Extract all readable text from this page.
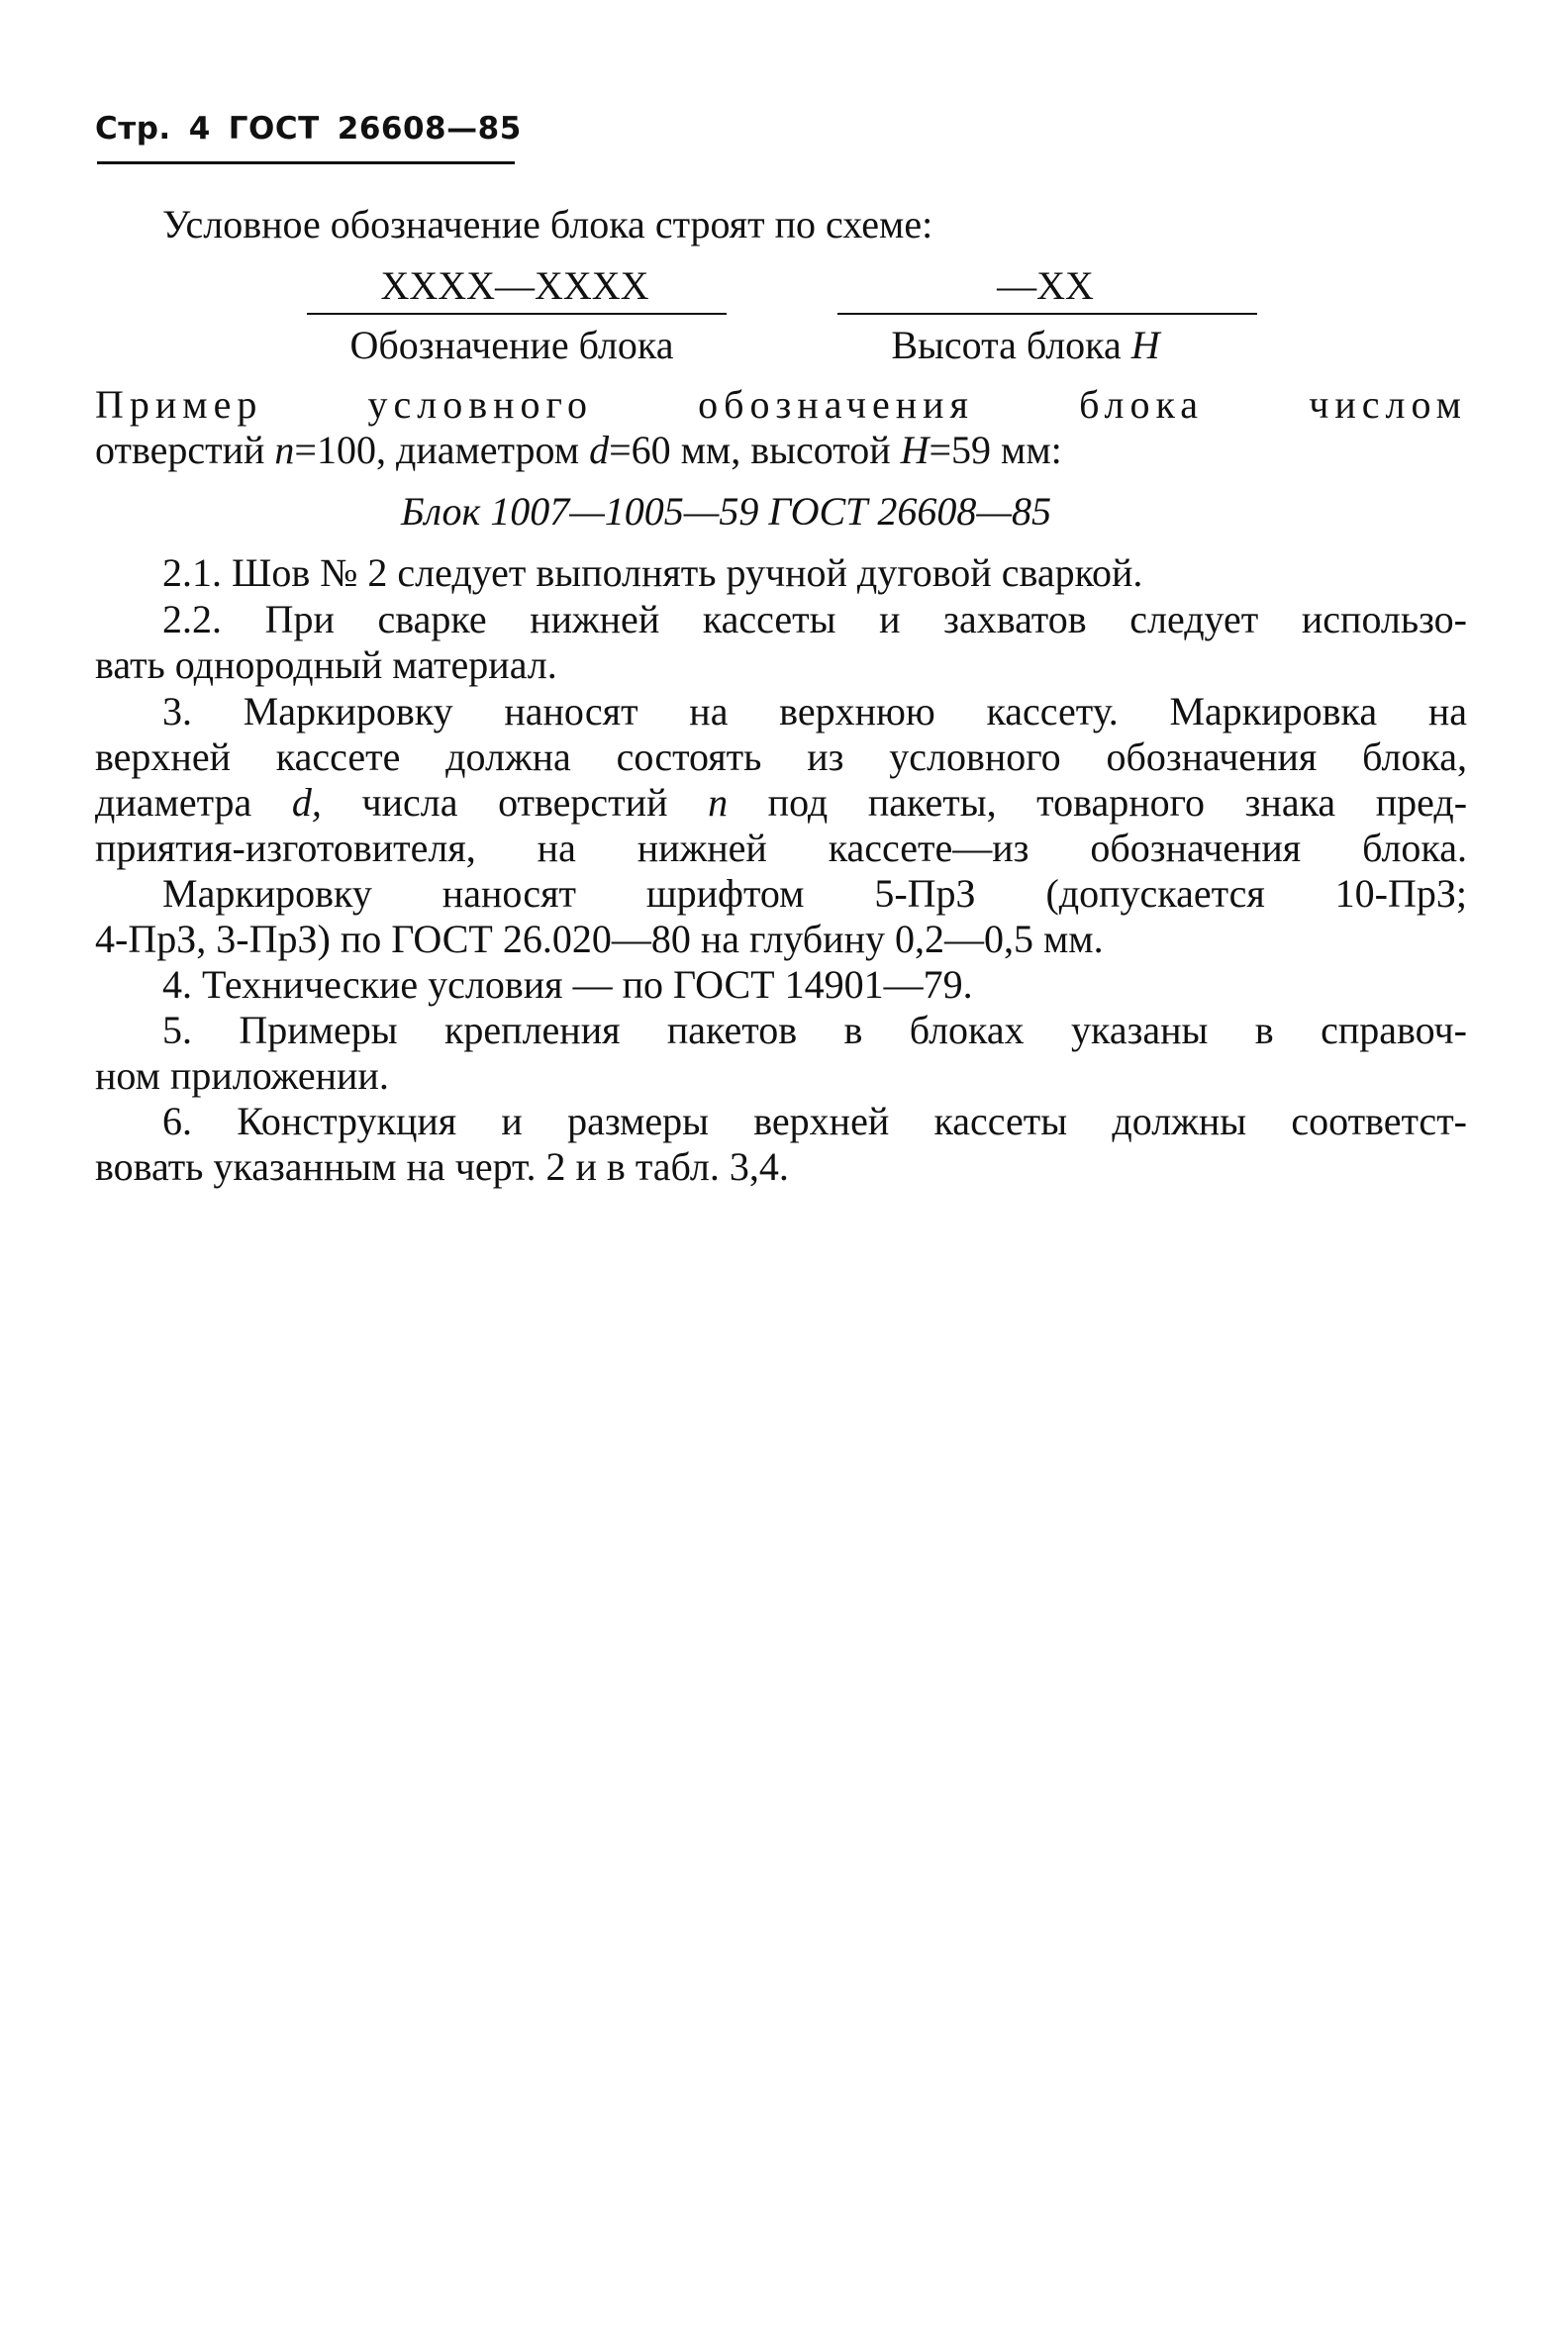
Стр. 4 ГОСТ 26608—85
Условное обозначение блока строят по схеме:
XXXX—XXXX
Обозначение блока
—XX
Высота блока H
Пример условного обозначения блока числом
отверстий n=100, диаметром d=60 мм, высотой H=59 мм:
Блок 1007—1005—59 ГОСТ 26608—85
2.1. Шов № 2 следует выполнять ручной дуговой сваркой.
2.2. При сварке нижней кассеты и захватов следует использо-
вать однородный материал.
3. Маркировку наносят на верхнюю кассету. Маркировка на
верхней кассете должна состоять из условного обозначения блока,
диаметра d, числа отверстий n под пакеты, товарного знака пред-
приятия-изготовителя, на нижней кассете—из обозначения блока.
Маркировку наносят шрифтом 5-ПрЗ (допускается 10-ПрЗ;
4-ПрЗ, 3-ПрЗ) по ГОСТ 26.020—80 на глубину 0,2—0,5 мм.
4. Технические условия — по ГОСТ 14901—79.
5. Примеры крепления пакетов в блоках указаны в справоч-
ном приложении.
6. Конструкция и размеры верхней кассеты должны соответст-
вовать указанным на черт. 2 и в табл. 3,4.
